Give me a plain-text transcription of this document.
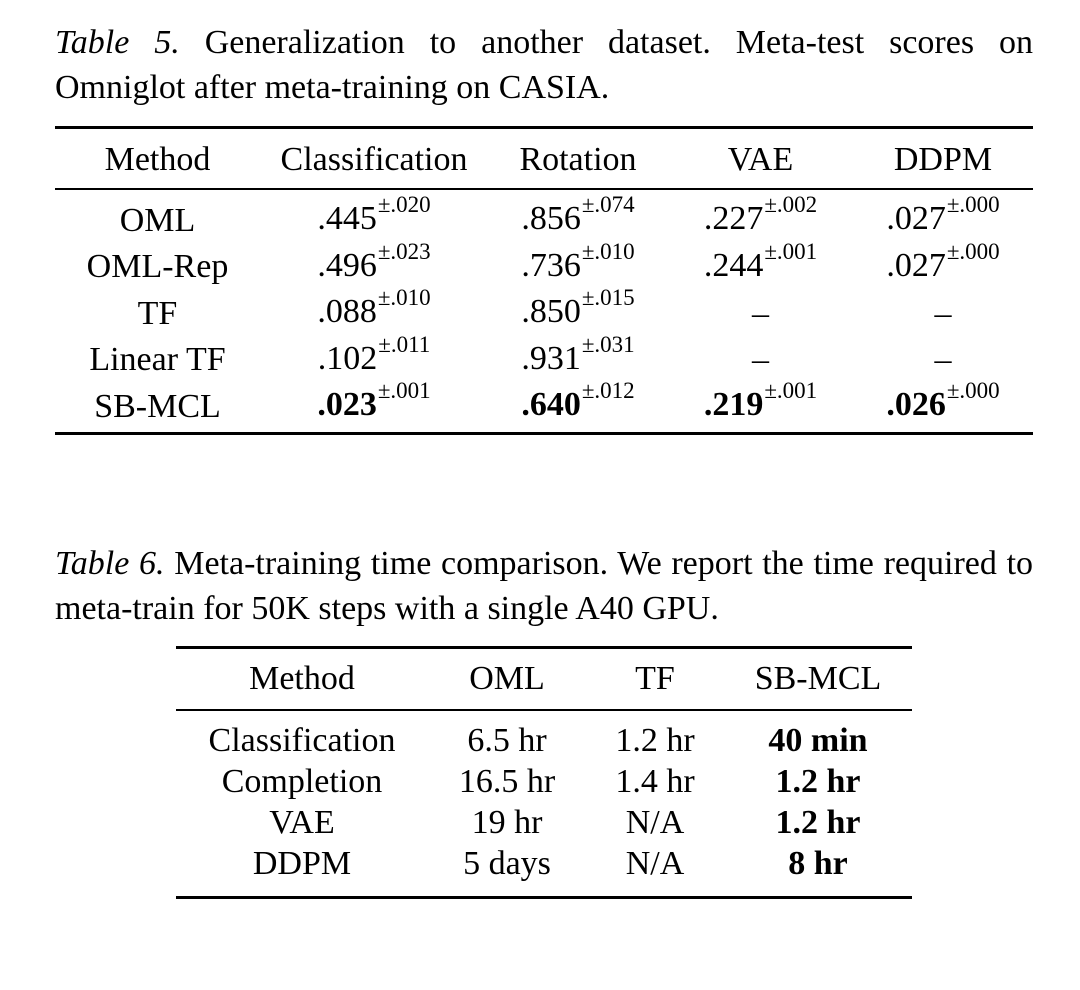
Table 5. Generalization to another dataset. Meta-test scores on Omniglot after meta-training on CASIA.
Method	Classification	Rotation	VAE	DDPM
OML	$.445^{\pm.020}$	$.856^{\pm.074}$	$.227^{\pm.002}$	$.027^{\pm.000}$
OML-Rep	$.496^{\pm.023}$	$.736^{\pm.010}$	$.244^{\pm.001}$	$.027^{\pm.000}$
TF	$.088^{\pm.010}$	$.850^{\pm.015}$	–	–
Linear TF	$.102^{\pm.011}$	$.931^{\pm.031}$	–	–
SB-MCL	$.023^{\pm.001}$	$.640^{\pm.012}$	$.219^{\pm.001}$	$.026^{\pm.000}$
Table 6. Meta-training time comparison. We report the time required to meta-train for 50K steps with a single A40 GPU.
Method	OML	TF	SB-MCL
Classification	6.5 hr	1.2 hr	40 min
Completion	16.5 hr	1.4 hr	1.2 hr
VAE	19 hr	N/A	1.2 hr
DDPM	5 days	N/A	8 hr
